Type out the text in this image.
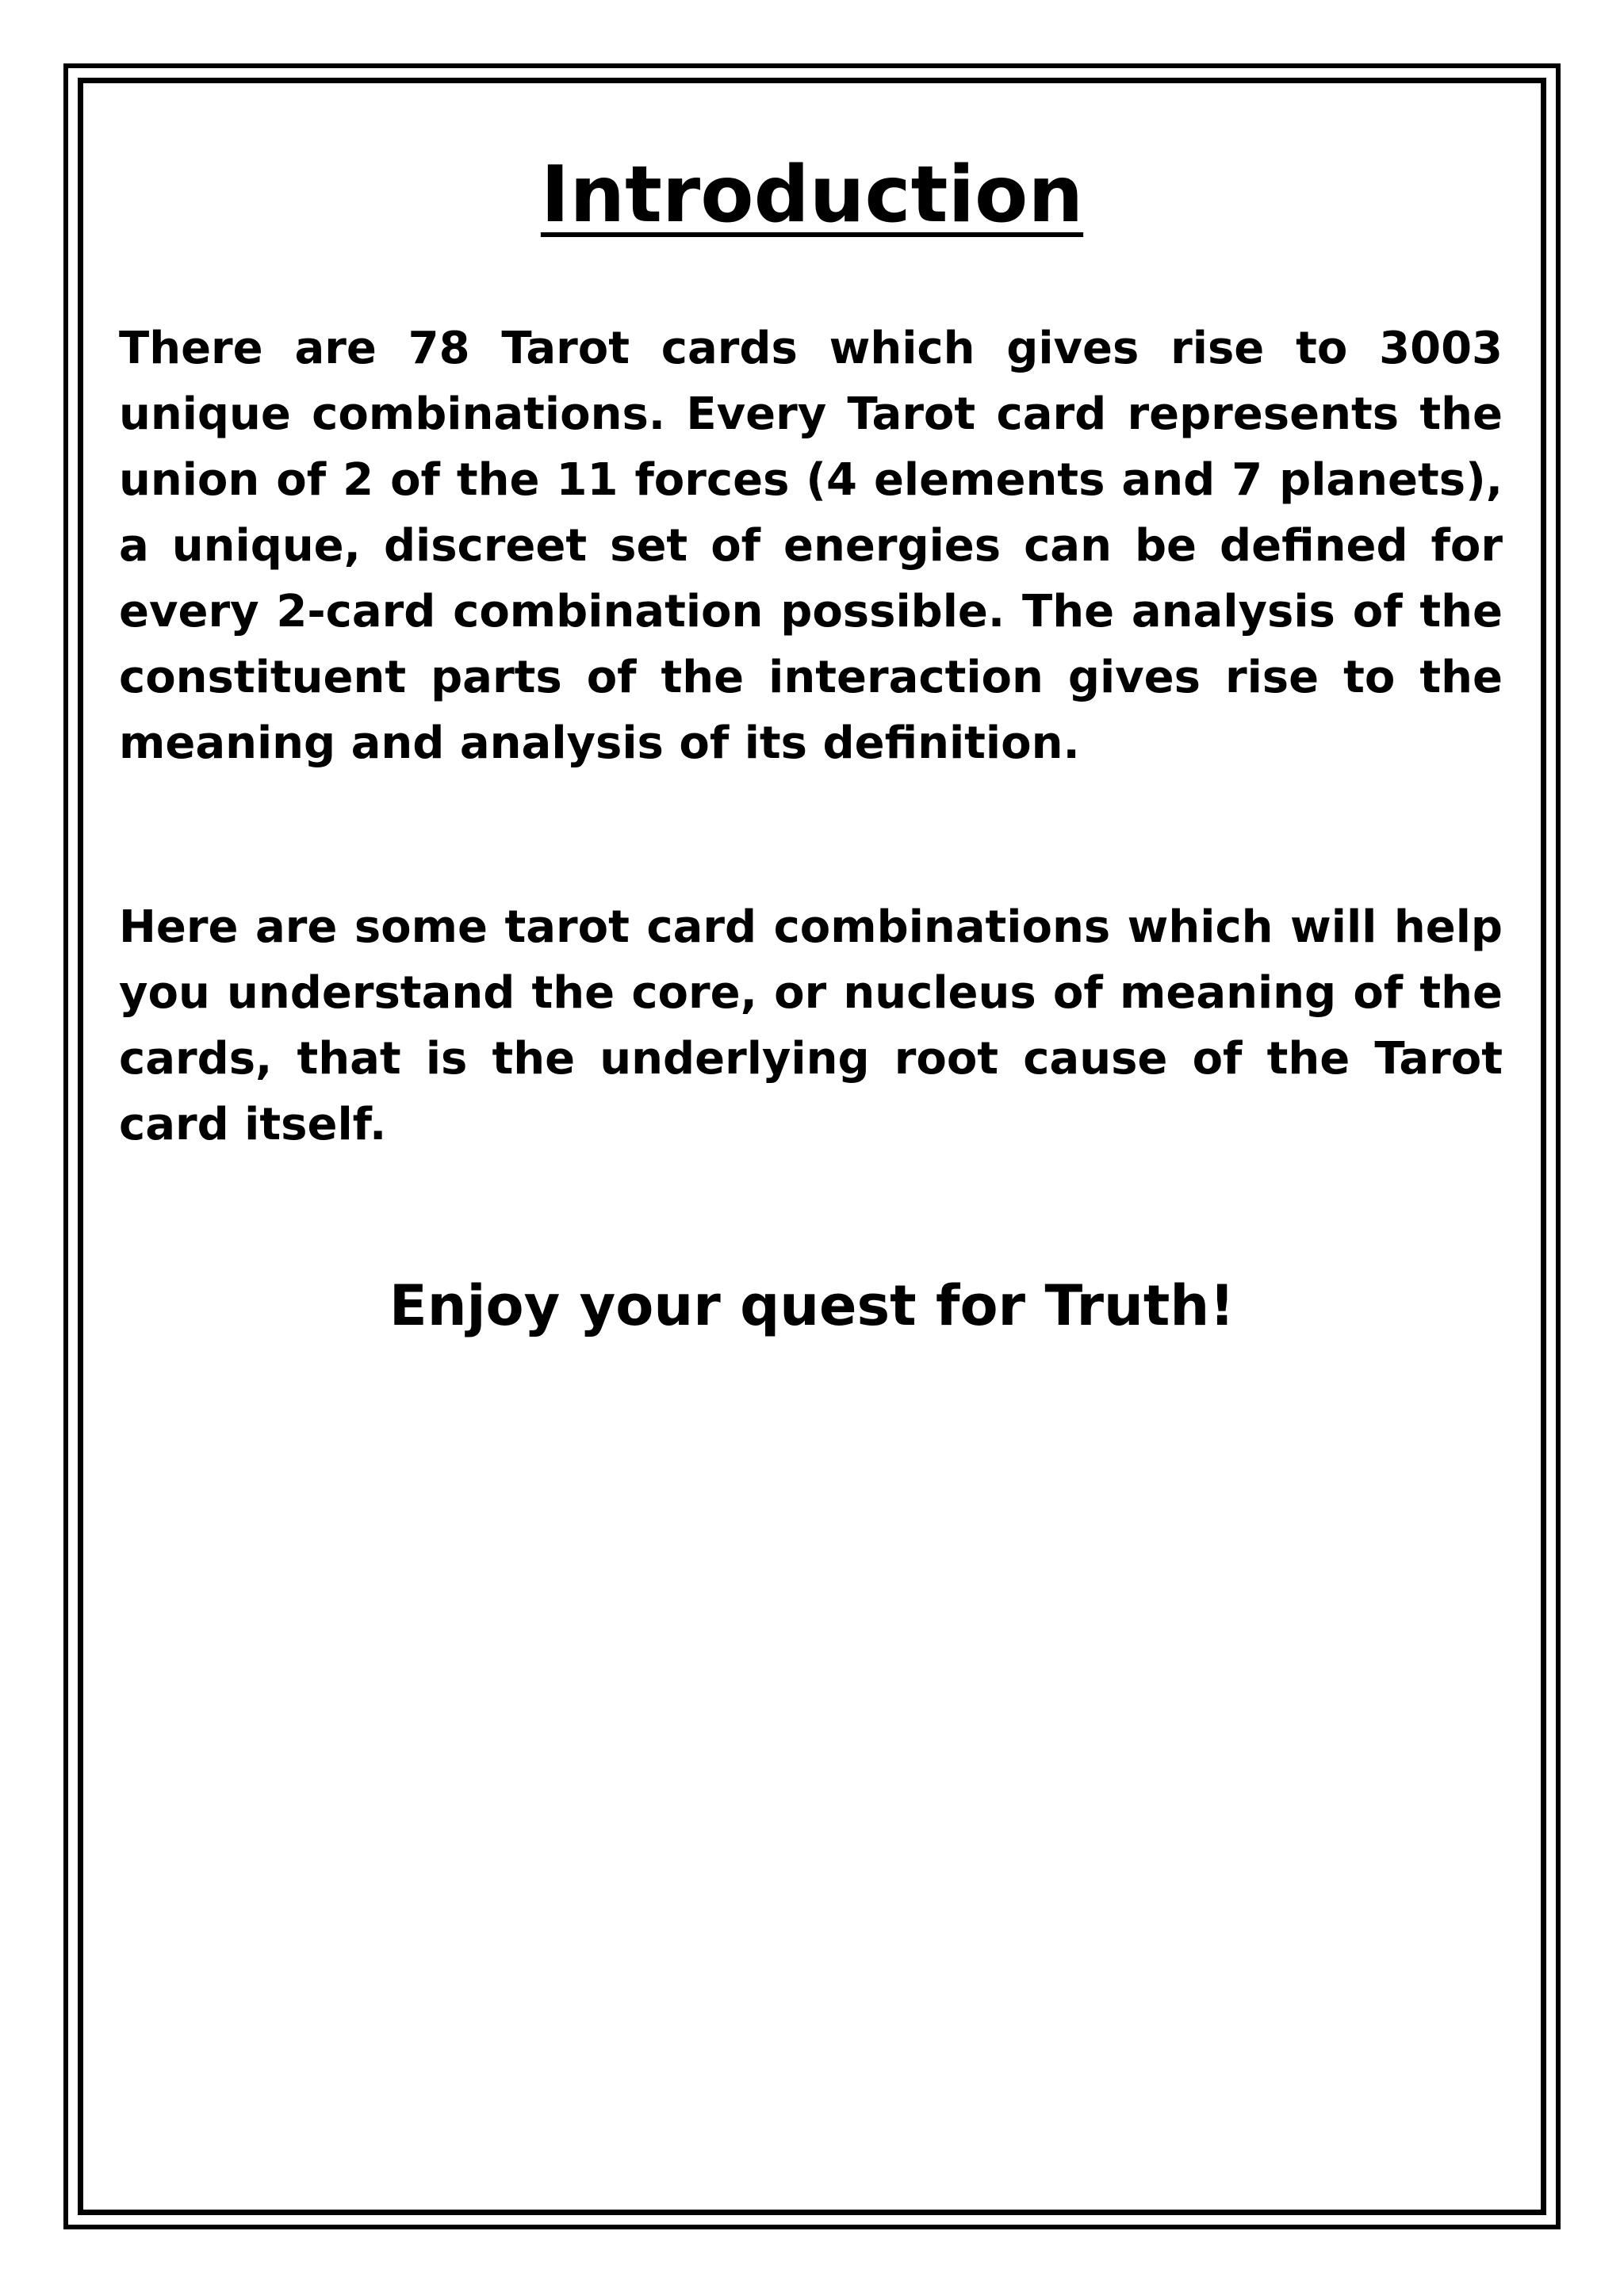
Introduction

There are 78 Tarot cards which gives rise to 3003 unique combinations. Every Tarot card represents the union of 2 of the 11 forces (4 elements and 7 planets), a unique, discreet set of energies can be defined for every 2-card combination possible. The analysis of the constituent parts of the interaction gives rise to the meaning and analysis of its definition.

Here are some tarot card combinations which will help you understand the core, or nucleus of meaning of the cards, that is the underlying root cause of the Tarot card itself.

Enjoy your quest for Truth!
